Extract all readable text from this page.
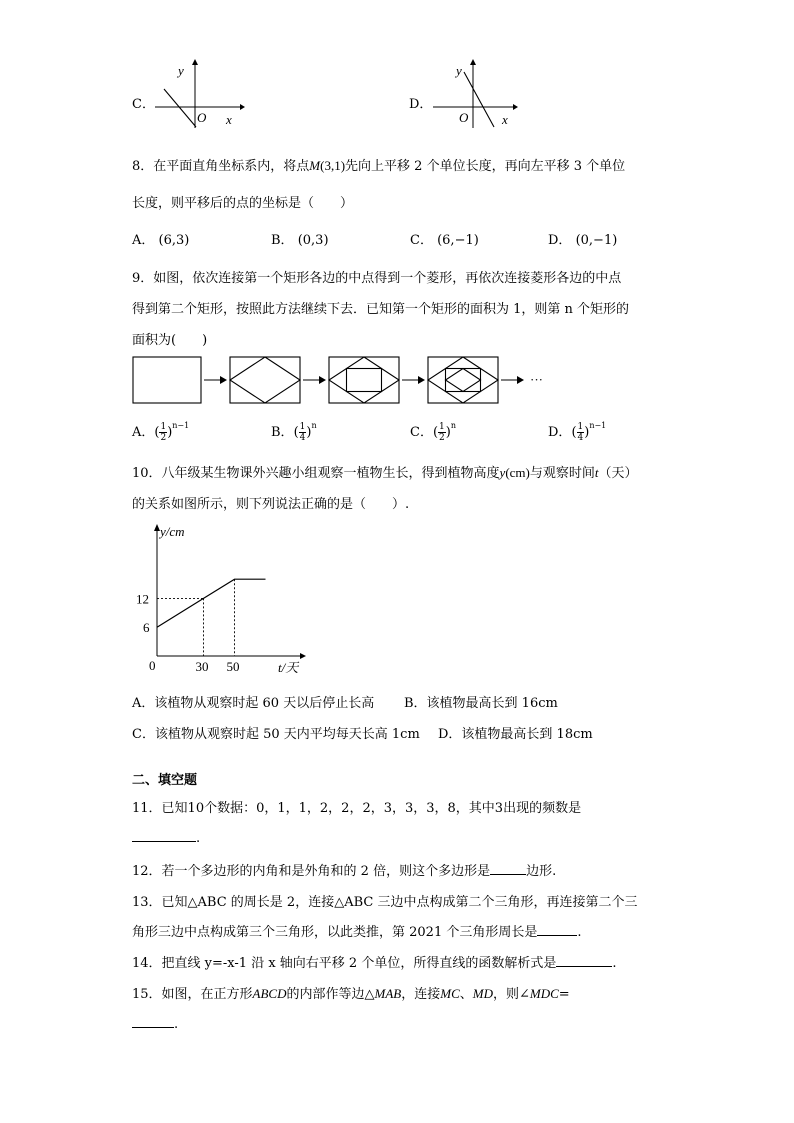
C．
y
x
O
D．
y
x
O
8．在平面直角坐标系内，将点M(3,1)先向上平移 2 个单位长度，再向左平移 3 个单位
长度，则平移后的点的坐标是（　　）
A． (6,3)	B． (0,3)	C． (6,−1)	D． (0,−1)
9．如图，依次连接第一个矩形各边的中点得到一个菱形，再依次连接菱形各边的中点
得到第二个矩形，按照此方法继续下去．已知第一个矩形的面积为 1，则第 n 个矩形的
面积为(　　)
···
A．( $\frac{1}{2} )^{n-1}$	B．( $\frac{1}{4} )^n$	C．( $\frac{1}{2} )^n$	D．( $\frac{1}{4} )^{n-1}$
10．八年级某生物课外兴趣小组观察一植物生长，得到植物高度y(cm)与观察时间t（天）
的关系如图所示，则下列说法正确的是（　　）.
0
6
12
30 50
y/cm
t/天
A．该植物从观察时起 60 天以后停止长高 B．该植物最高长到 16cm
C．该植物从观察时起 50 天内平均每天长高 1cm D．该植物最高长到 18cm
二、填空题
11．已知10个数据：0，1，1，2，2，2，3，3，3，8，其中3出现的频数是
.
12．若一个多边形的内角和是外角和的 2 倍，则这个多边形是	边形.
13．已知△ABC 的周长是 2，连接△ABC 三边中点构成第二个三角形，再连接第二个三
角形三边中点构成第三个三角形，以此类推，第 2021 个三角形周长是	.
14．把直线 y=-x-1 沿 x 轴向右平移 2 个单位，所得直线的函数解析式是	.
15．如图，在正方形ABCD的内部作等边△MAB，连接MC、MD，则∠MDC=
.
